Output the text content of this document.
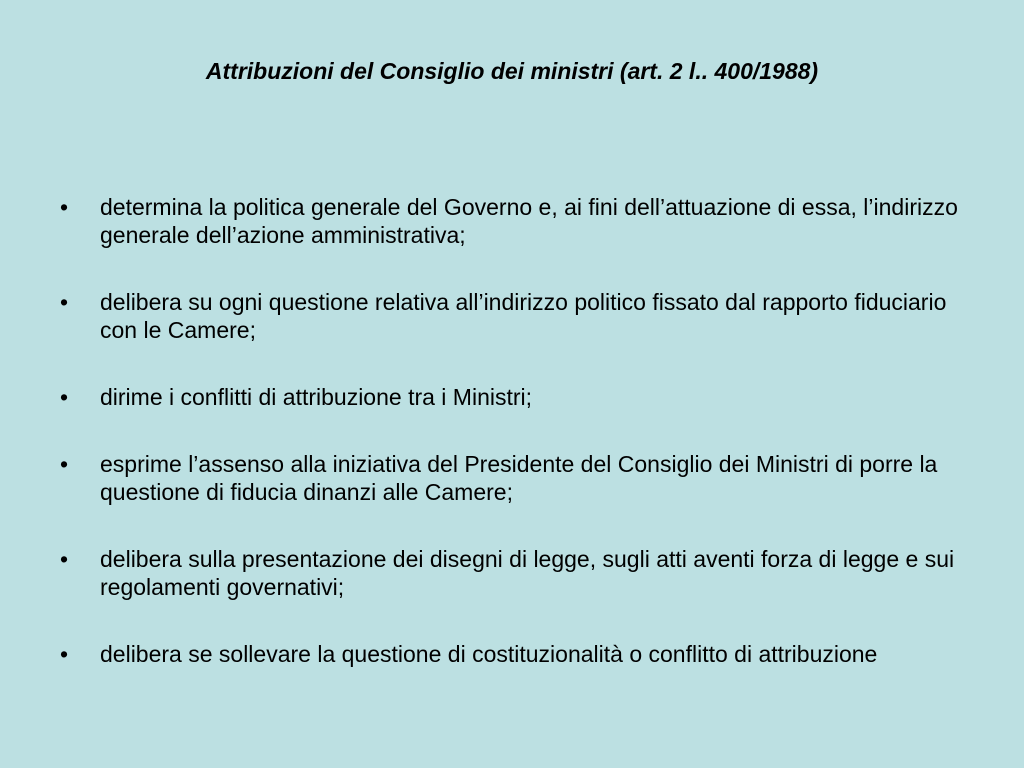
Attribuzioni del Consiglio dei ministri (art. 2 l.. 400/1988)
•	determina la politica generale del Governo e, ai fini dell’attuazione di essa, l’indirizzo generale dell’azione amministrativa;
•	delibera su ogni questione relativa all’indirizzo politico fissato dal rapporto fiduciario con le Camere;
•	dirime i conflitti di attribuzione tra i Ministri;
•	esprime l’assenso alla iniziativa del Presidente del Consiglio dei Ministri di porre la questione di fiducia dinanzi alle Camere;
•	delibera sulla presentazione dei disegni di legge, sugli atti aventi forza di legge e sui regolamenti governativi;
•	delibera se sollevare la questione di costituzionalità o conflitto di attribuzione
